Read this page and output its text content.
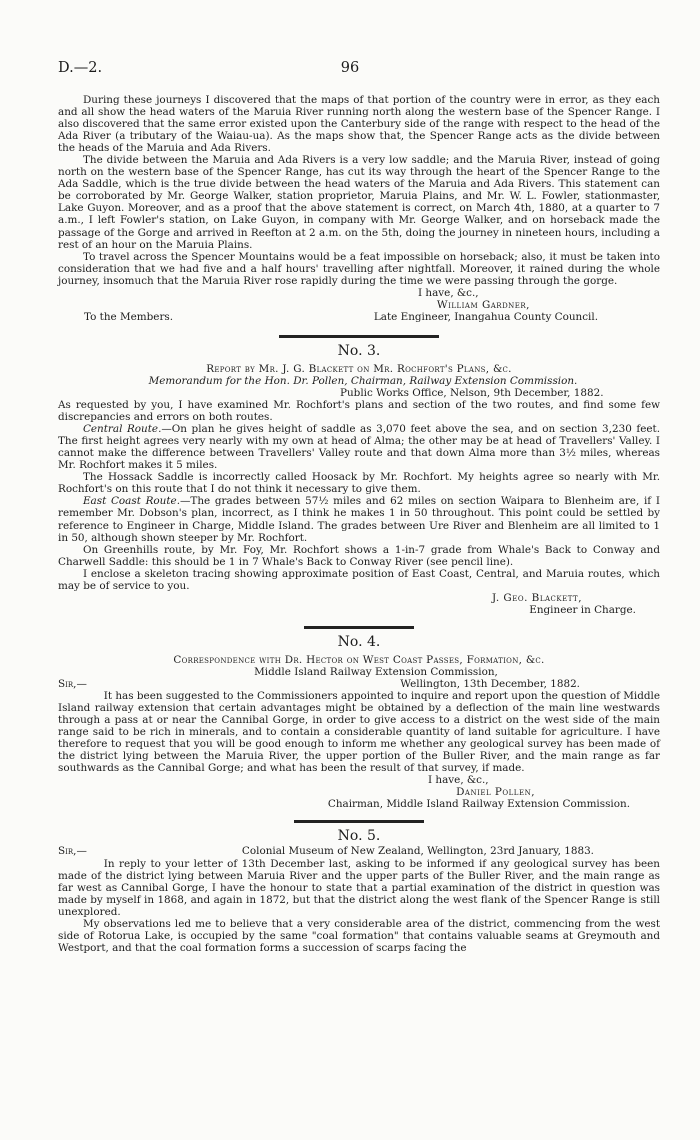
D.—2.	96

During these journeys I discovered that the maps of that portion of the country were in error, as they each and all show the head waters of the Maruia River running north along the western base of the Spencer Range. I also discovered that the same error existed upon the Canterbury side of the range with respect to the head of the Ada River (a tributary of the Waiau-ua). As the maps show that, the Spencer Range acts as the divide between the heads of the Maruia and Ada Rivers.

The divide between the Maruia and Ada Rivers is a very low saddle; and the Maruia River, instead of going north on the western base of the Spencer Range, has cut its way through the heart of the Spencer Range to the Ada Saddle, which is the true divide between the head waters of the Maruia and Ada Rivers. This statement can be corroborated by Mr. George Walker, station proprietor, Maruia Plains, and Mr. W. L. Fowler, stationmaster, Lake Guyon. Moreover, and as a proof that the above statement is correct, on March 4th, 1880, at a quarter to 7 a.m., I left Fowler's station, on Lake Guyon, in company with Mr. George Walker, and on horseback made the passage of the Gorge and arrived in Reefton at 2 a.m. on the 5th, doing the journey in nineteen hours, including a rest of an hour on the Maruia Plains.

To travel across the Spencer Mountains would be a feat impossible on horseback; also, it must be taken into consideration that we had five and a half hours' travelling after nightfall. Moreover, it rained during the whole journey, insomuch that the Maruia River rose rapidly during the time we were passing through the gorge.

I have, &c.,
William Gardner,
To the Members.	Late Engineer, Inangahua County Council.
No. 3.
Report by Mr. J. G. Blackett on Mr. Rochfort's Plans, &c.
Memorandum for the Hon. Dr. Pollen, Chairman, Railway Extension Commission.
Public Works Office, Nelson, 9th December, 1882.

As requested by you, I have examined Mr. Rochfort's plans and section of the two routes, and find some few discrepancies and errors on both routes.

Central Route.—On plan he gives height of saddle as 3,070 feet above the sea, and on section 3,230 feet. The first height agrees very nearly with my own at head of Alma; the other may be at head of Travellers' Valley. I cannot make the difference between Travellers' Valley route and that down Alma more than 3½ miles, whereas Mr. Rochfort makes it 5 miles.

The Hossack Saddle is incorrectly called Hoosack by Mr. Rochfort. My heights agree so nearly with Mr. Rochfort's on this route that I do not think it necessary to give them.

East Coast Route.—The grades between 57½ miles and 62 miles on section Waipara to Blenheim are, if I remember Mr. Dobson's plan, incorrect, as I think he makes 1 in 50 throughout. This point could be settled by reference to Engineer in Charge, Middle Island. The grades between Ure River and Blenheim are all limited to 1 in 50, although shown steeper by Mr. Rochfort.

On Greenhills route, by Mr. Foy, Mr. Rochfort shows a 1-in-7 grade from Whale's Back to Conway and Charwell Saddle: this should be 1 in 7 Whale's Back to Conway River (see pencil line).

I enclose a skeleton tracing showing approximate position of East Coast, Central, and Maruia routes, which may be of service to you.

J. Geo. Blackett,
Engineer in Charge.
No. 4.
Correspondence with Dr. Hector on West Coast Passes, Formation, &c.
Middle Island Railway Extension Commission,
Sir,—	Wellington, 13th December, 1882.

It has been suggested to the Commissioners appointed to inquire and report upon the question of Middle Island railway extension that certain advantages might be obtained by a deflection of the main line westwards through a pass at or near the Cannibal Gorge, in order to give access to a district on the west side of the main range said to be rich in minerals, and to contain a considerable quantity of land suitable for agriculture. I have therefore to request that you will be good enough to inform me whether any geological survey has been made of the district lying between the Maruia River, the upper portion of the Buller River, and the main range as far southwards as the Cannibal Gorge; and what has been the result of that survey, if made.

I have, &c.,
Daniel Pollen,
Chairman, Middle Island Railway Extension Commission.
No. 5.
Sir,—	Colonial Museum of New Zealand, Wellington, 23rd January, 1883.

In reply to your letter of 13th December last, asking to be informed if any geological survey has been made of the district lying between Maruia River and the upper parts of the Buller River, and the main range as far west as Cannibal Gorge, I have the honour to state that a partial examination of the district in question was made by myself in 1868, and again in 1872, but that the district along the west flank of the Spencer Range is still unexplored.

My observations led me to believe that a very considerable area of the district, commencing from the west side of Rotorua Lake, is occupied by the same "coal formation" that contains valuable seams at Greymouth and Westport, and that the coal formation forms a succession of scarps facing the
